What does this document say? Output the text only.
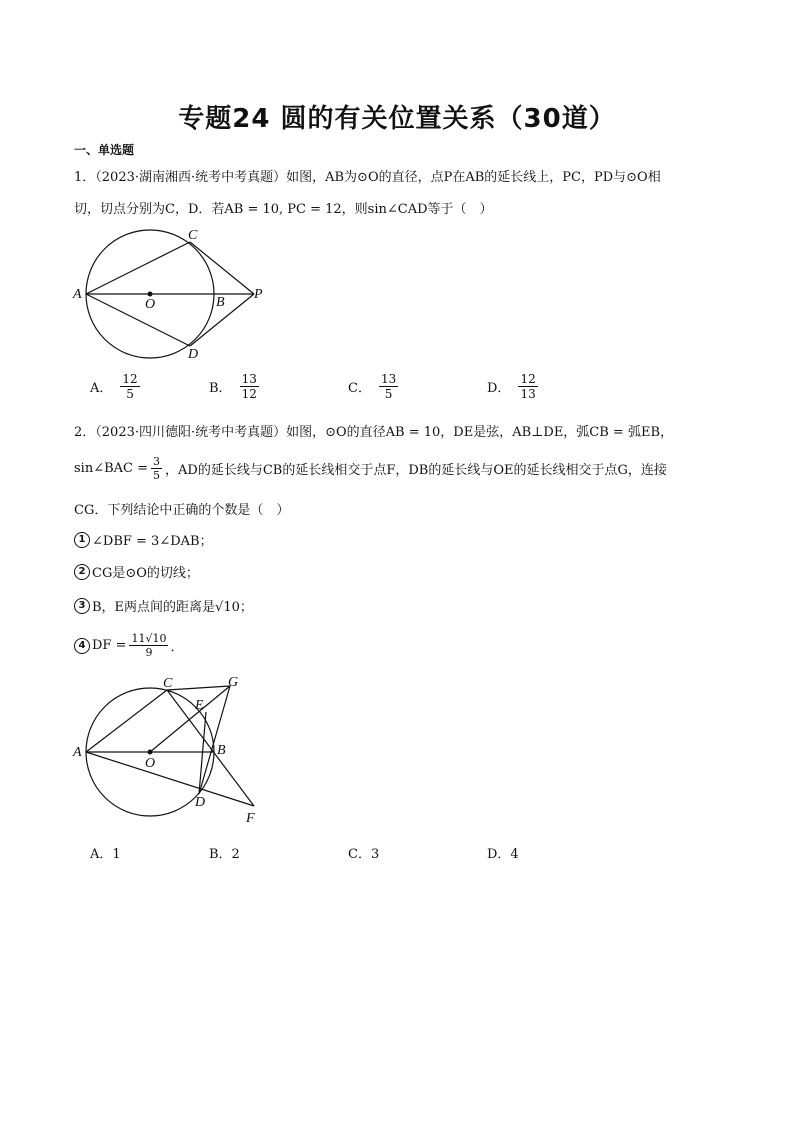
专题24 圆的有关位置关系（30道）
一、单选题
1．（2023·湖南湘西·统考中考真题）如图，AB为⊙O的直径，点P在AB的延长线上，PC，PD与⊙O相
切，切点分别为C，D．若AB = 10, PC = 12，则sin∠CAD等于（　）
A
C
O	B
P
D
A． $\frac{12}{5}$	B． $\frac{13}{12}$	C． $\frac{13}{5}$	D． $\frac{12}{13}$
2．（2023·四川德阳·统考中考真题）如图，⊙O的直径AB = 10，DE是弦，AB⊥DE，弧CB = 弧EB，
sin∠BAC = $\frac{3}{5}$ ，AD的延长线与CB的延长线相交于点F，DB的延长线与OE的延长线相交于点G，连接
CG．下列结论中正确的个数是（　）
1 ∠DBF = 3∠DAB；
2 CG是⊙O的切线；
3 B，E两点间的距离是√10；
4 DF = $\frac{11√10}{9}$ ．
A
C	G
E
B
O
D
F
A．1	B．2	C．3	D．4
